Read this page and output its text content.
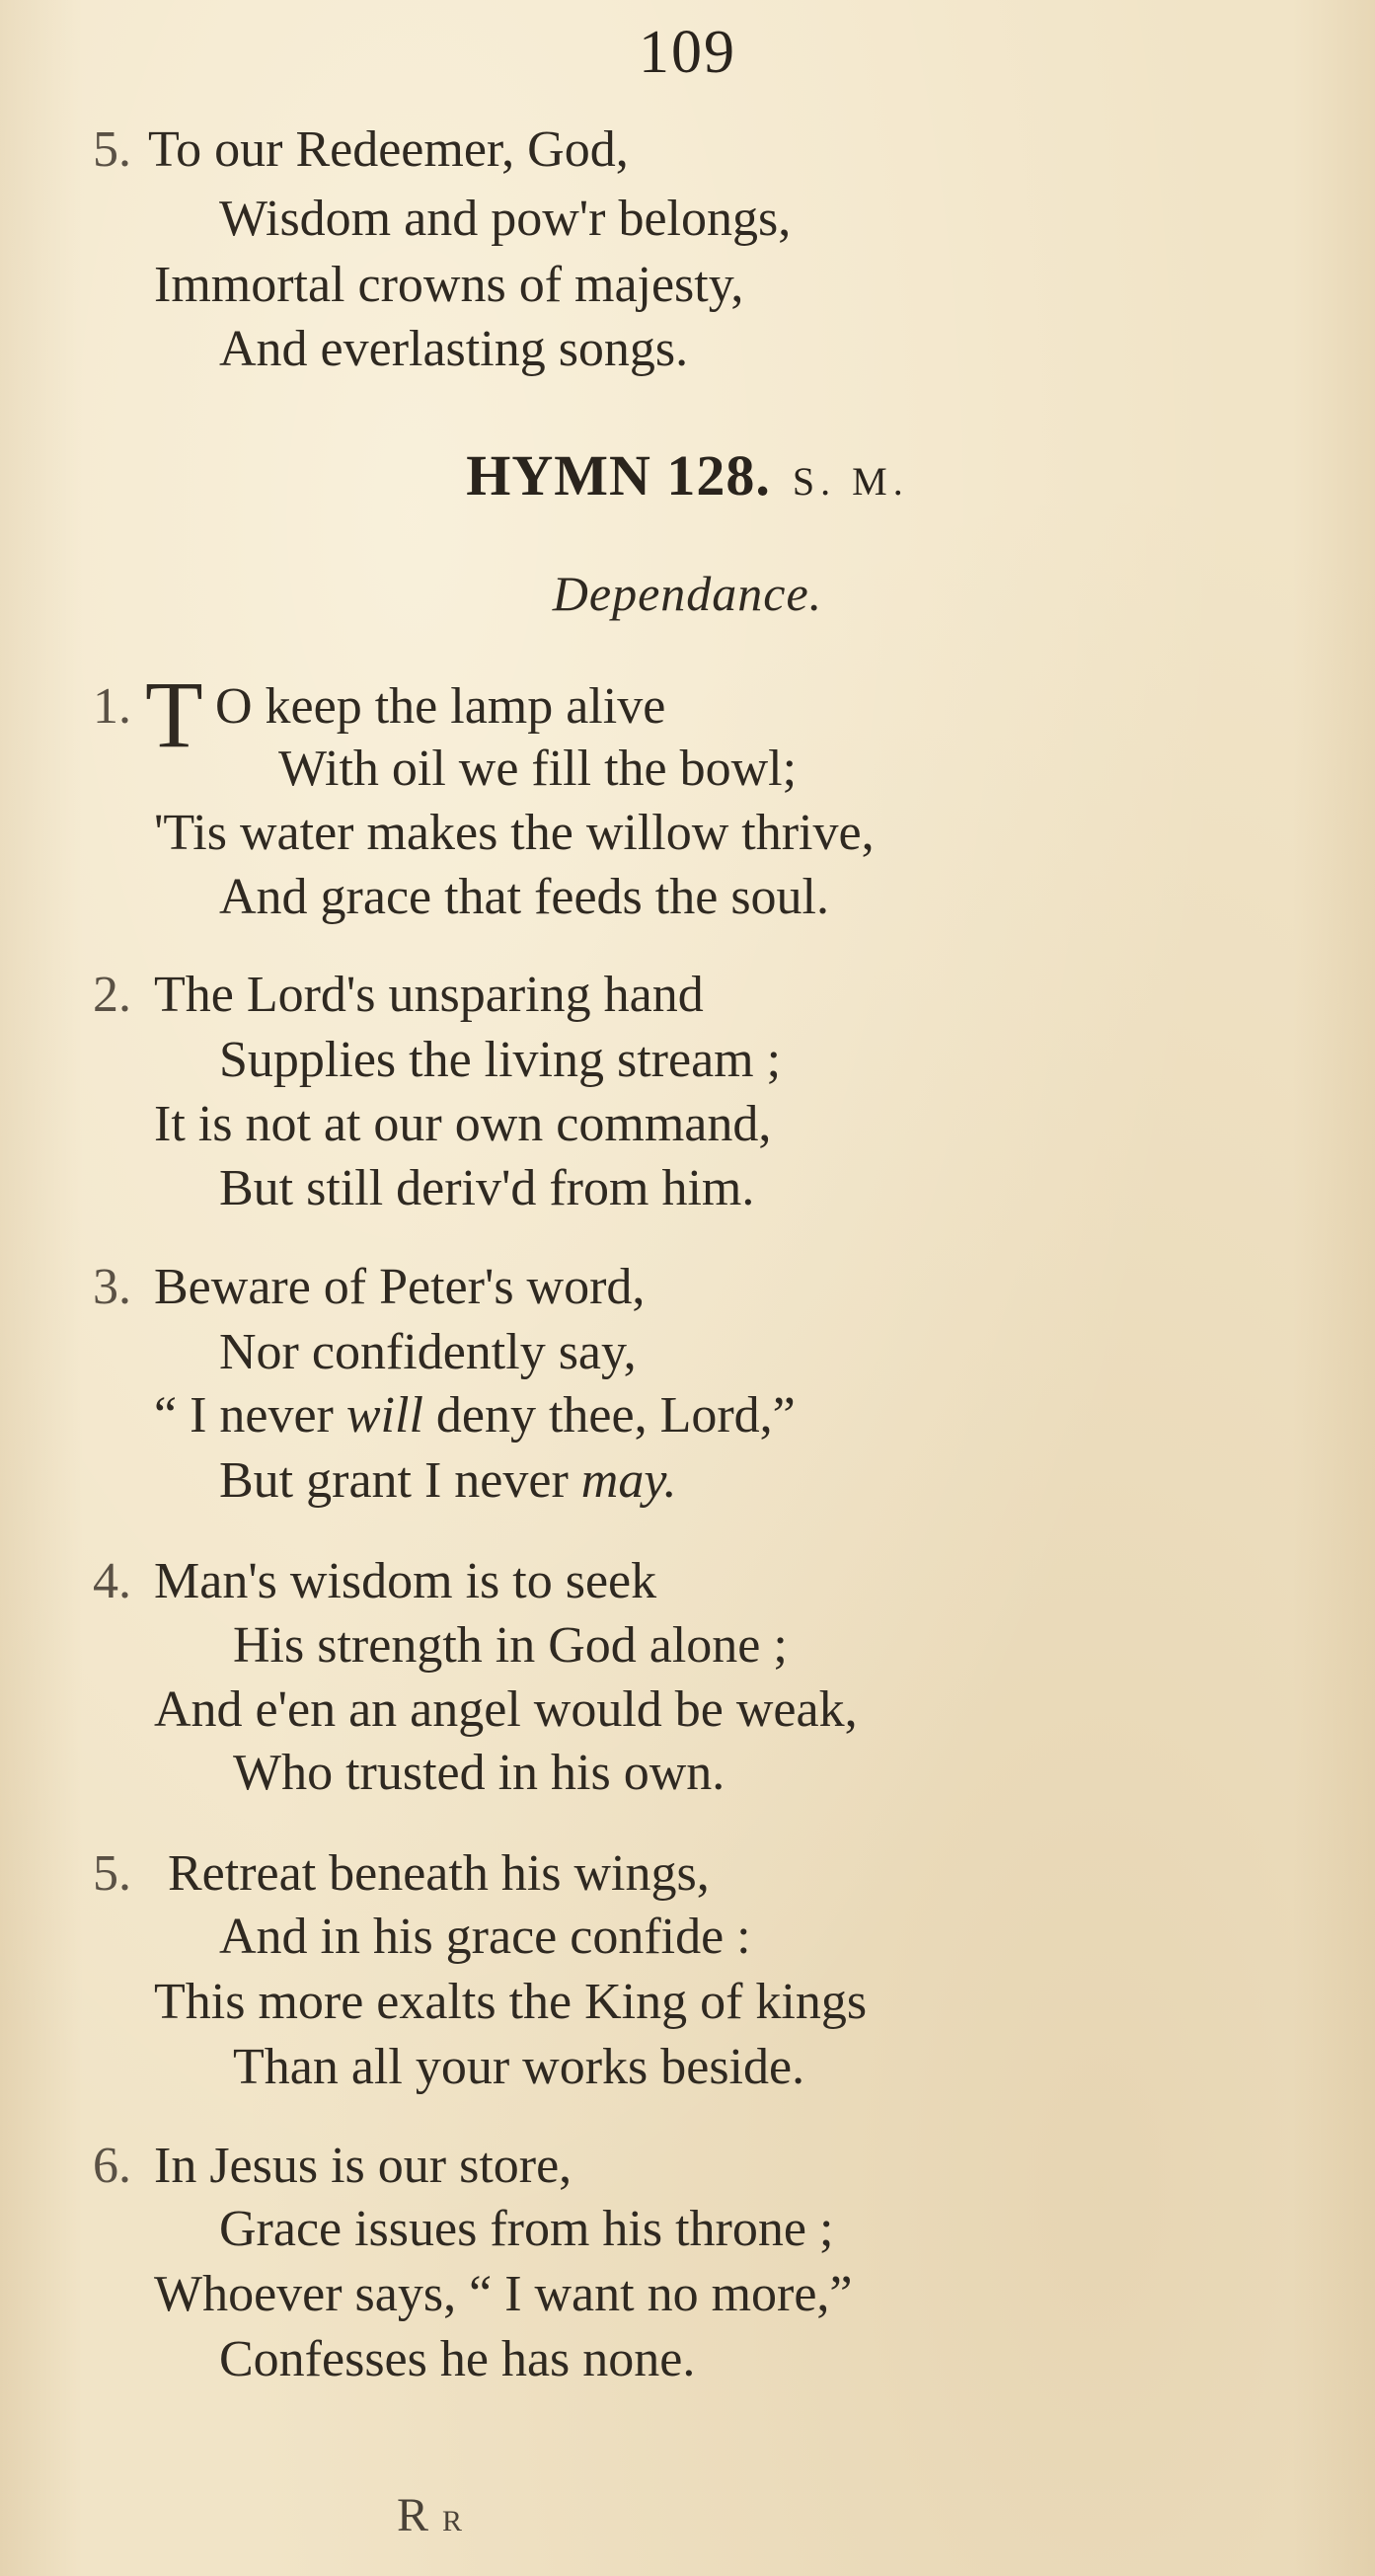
109
5. To our Redeemer, God,
Wisdom and pow'r belongs,
Immortal crowns of majesty,
And everlasting songs.
HYMN 128. S. M.
Dependance.
1. T O keep the lamp alive
With oil we fill the bowl;
'Tis water makes the willow thrive,
And grace that feeds the soul.
2. The Lord's unsparing hand
Supplies the living stream ;
It is not at our own command,
But still deriv'd from him.
3. Beware of Peter's word,
Nor confidently say,
“ I never will deny thee, Lord,”
But grant I never may.
4. Man's wisdom is to seek
His strength in God alone ;
And e'en an angel would be weak,
Who trusted in his own.
5. Retreat beneath his wings,
And in his grace confide :
This more exalts the King of kings
Than all your works beside.
6. In Jesus is our store,
Grace issues from his throne ;
Whoever says, “ I want no more,”
Confesses he has none.
RR
